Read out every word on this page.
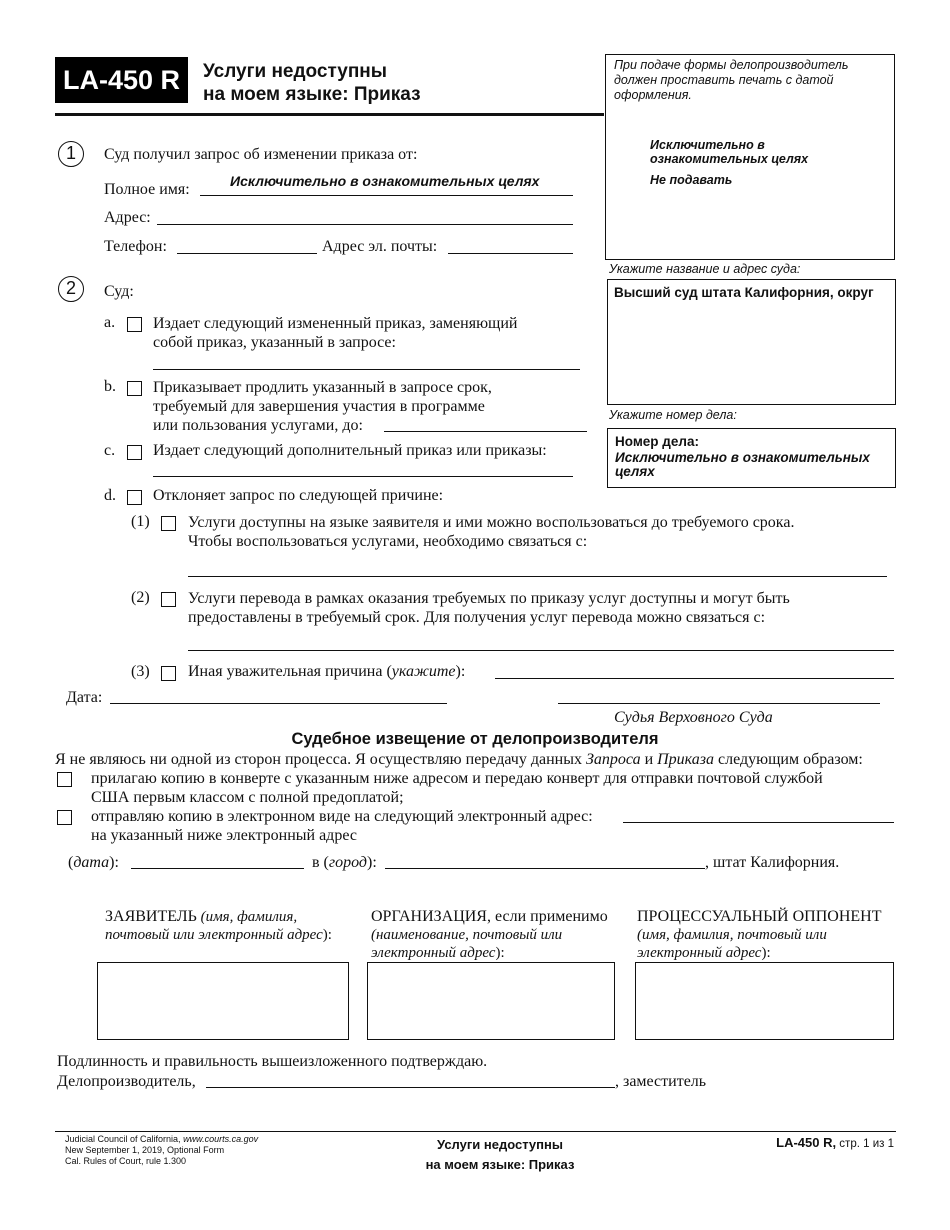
LA-450 R	Услуги недоступны
на моем языке: Приказ
При подаче формы делопроизводитель
должен проставить печать с датой
оформления.
Исключительно в
ознакомительных целях
Не подавать
Укажите название и адрес суда:
Высший суд штата Калифорния, округ
Укажите номер дела:
Номер дела:
Исключительно в ознакомительных
целях
1	Суд получил запрос об изменении приказа от:
Полное имя:	Исключительно в ознакомительных целях
Адрес:
Телефон:	Адрес эл. почты:
2	Суд:
a. Издает следующий измененный приказ, заменяющий
собой приказ, указанный в запросе:
b. Приказывает продлить указанный в запросе срок,
требуемый для завершения участия в программе
или пользования услугами, до:
c. Издает следующий дополнительный приказ или приказы:
d. Отклоняет запрос по следующей причине:
(1) Услуги доступны на языке заявителя и ими можно воспользоваться до требуемого срока.
Чтобы воспользоваться услугами, необходимо связаться с:
(2) Услуги перевода в рамках оказания требуемых по приказу услуг доступны и могут быть
предоставлены в требуемый срок. Для получения услуг перевода можно связаться с:
(3) Иная уважительная причина (укажите):
Дата:
Судья Верховного Суда
Судебное извещение от делопроизводителя
Я не являюсь ни одной из сторон процесса. Я осуществляю передачу данных Запроса и Приказа следующим образом:
прилагаю копию в конверте с указанным ниже адресом и передаю конверт для отправки почтовой службой
США первым классом с полной предоплатой;
отправляю копию в электронном виде на следующий электронный адрес:
на указанный ниже электронный адрес
(дата):	в (город):	, штат Калифорния.
ЗАЯВИТЕЛЬ (имя, фамилия,
почтовый или электронный адрес):
ОРГАНИЗАЦИЯ, если применимо
(наименование, почтовый или
электронный адрес):
ПРОЦЕССУАЛЬНЫЙ ОППОНЕНТ
(имя, фамилия, почтовый или
электронный адрес):
Подлинность и правильность вышеизложенного подтверждаю.
Делопроизводитель,	, заместитель
Judicial Council of California, www.courts.ca.gov
New September 1, 2019, Optional Form
Cal. Rules of Court, rule 1.300
Услуги недоступны
на моем языке: Приказ
LA-450 R, стр. 1 из 1
